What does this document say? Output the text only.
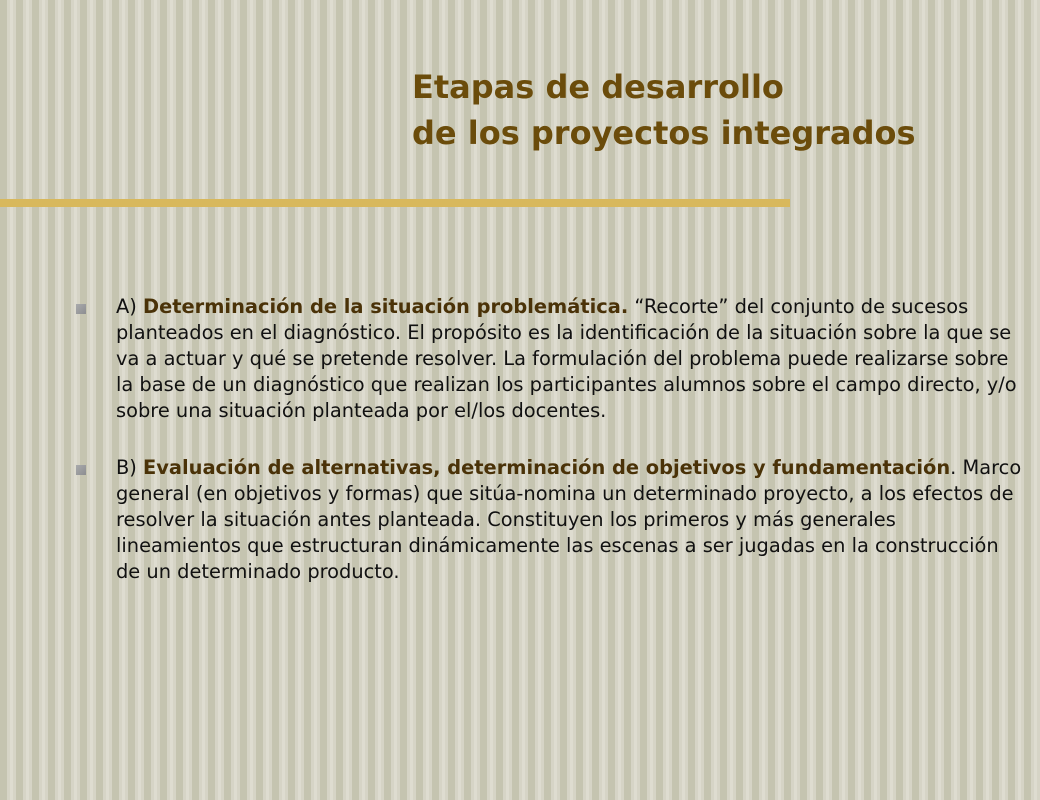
Etapas de desarrollo
de los proyectos integrados

A) Determinación de la situación problemática. “Recorte” del conjunto de sucesos planteados en el diagnóstico. El propósito es la identificación de la situación sobre la que se va a actuar y qué se pretende resolver. La formulación del problema puede realizarse sobre la base de un diagnóstico que realizan los participantes alumnos sobre el campo directo, y/o sobre una situación planteada por el/los docentes.

B) Evaluación de alternativas, determinación de objetivos y fundamentación. Marco general (en objetivos y formas) que sitúa-nomina un determinado proyecto, a los efectos de resolver la situación antes planteada. Constituyen los primeros y más generales lineamientos que estructuran dinámicamente las escenas a ser jugadas en la construcción de un determinado producto.
